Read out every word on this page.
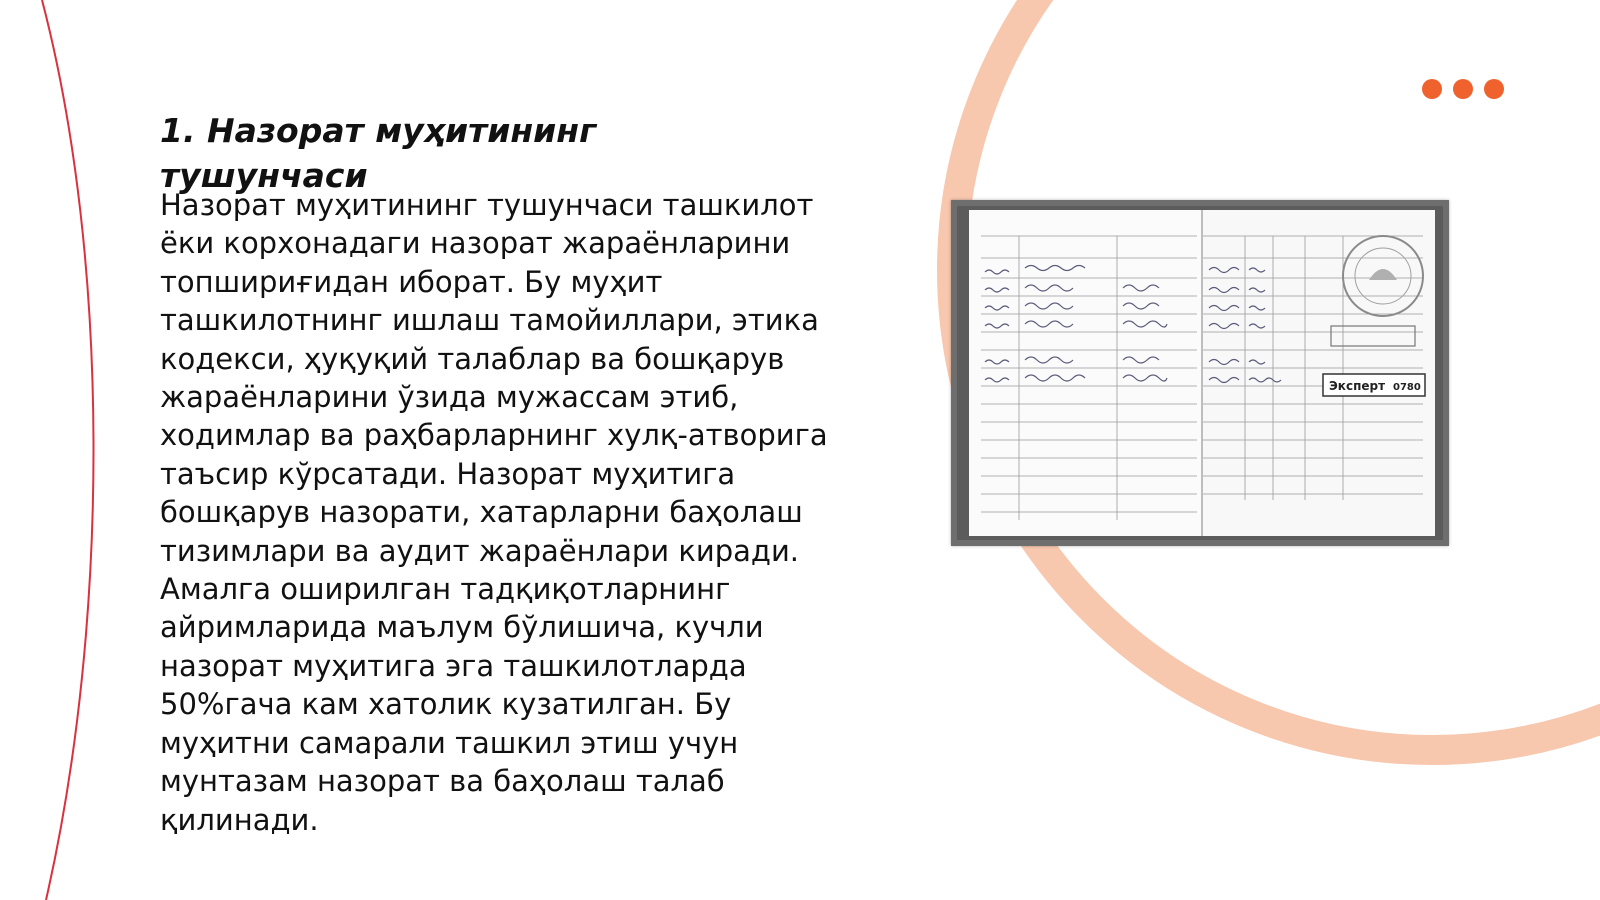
1. Назорат муҳитининг тушунчаси

Назорат муҳитининг тушунчаси ташкилот ёки корхонадаги назорат жараёнларини топшириғидан иборат. Бу муҳит ташкилотнинг ишлаш тамойиллари, этика кодекси, ҳуқуқий талаблар ва бошқарув жараёнларини ўзида мужассам этиб, ходимлар ва раҳбарларнинг хулқ-атворига таъсир кўрсатади. Назорат муҳитига бошқарув назорати, хатарларни баҳолаш тизимлари ва аудит жараёнлари киради. Амалга оширилган тадқиқотларнинг айримларида маълум бўлишича, кучли назорат муҳитига эга ташкилотларда 50%гача кам хатолик кузатилган. Бу муҳитни самарали ташкил этиш учун мунтазам назорат ва баҳолаш талаб қилинади.

Эксперт 0780
